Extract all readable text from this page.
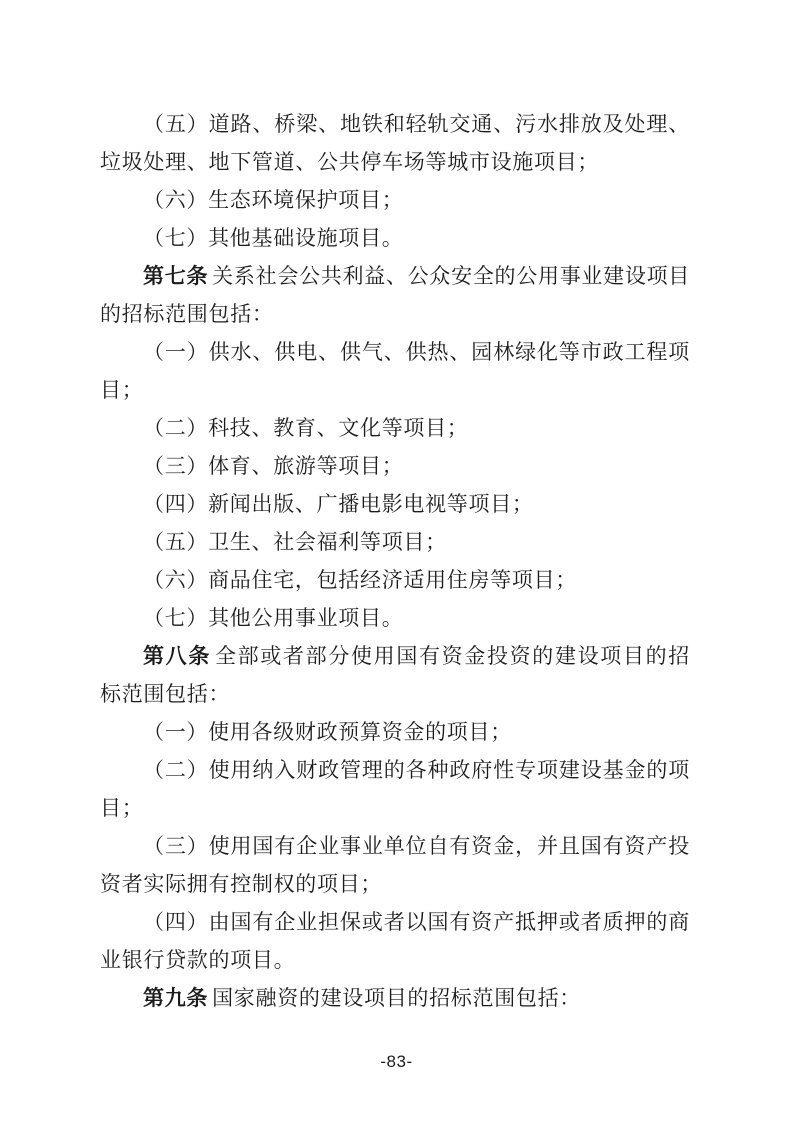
（五）道路、桥梁、地铁和轻轨交通、污水排放及处理、
垃圾处理、地下管道、公共停车场等城市设施项目；
（六）生态环境保护项目；
（七）其他基础设施项目。
第七条 关系社会公共利益、公众安全的公用事业建设项目
的招标范围包括：
（一）供水、供电、供气、供热、园林绿化等市政工程项
目；
（二）科技、教育、文化等项目；
（三）体育、旅游等项目；
（四）新闻出版、广播电影电视等项目；
（五）卫生、社会福利等项目；
（六）商品住宅，包括经济适用住房等项目；
（七）其他公用事业项目。
第八条 全部或者部分使用国有资金投资的建设项目的招
标范围包括：
（一）使用各级财政预算资金的项目；
（二）使用纳入财政管理的各种政府性专项建设基金的项
目；
（三）使用国有企业事业单位自有资金，并且国有资产投
资者实际拥有控制权的项目；
（四）由国有企业担保或者以国有资产抵押或者质押的商
业银行贷款的项目。
第九条 国家融资的建设项目的招标范围包括：
-83-
